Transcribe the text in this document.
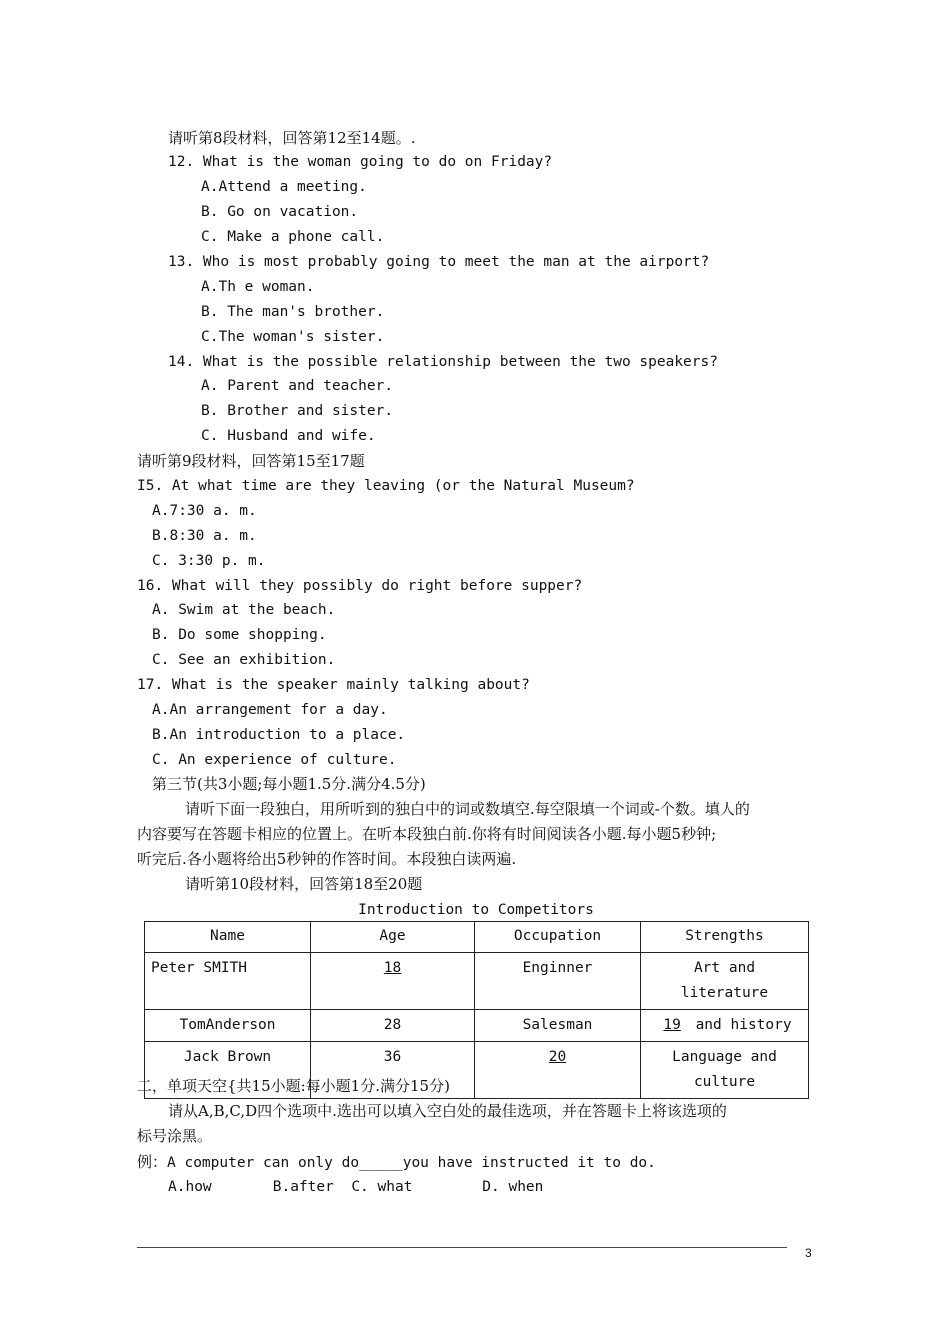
请听第8段材料，回答第12至14题。.
12. What is the woman going to do on Friday?
A.Attend a meeting.
B. Go on vacation.
C. Make a phone call.
13. Who is most probably going to meet the man at the airport?
A.Th e woman.
B. The man's brother.
C.The woman's sister.
14. What is the possible relationship between the two speakers?
A. Parent and teacher.
B. Brother and sister.
C. Husband and wife.
请听第9段材料，回答第15至17题
I5. At what time are they leaving (or the Natural Museum?
A.7:30 a. m.
B.8:30 a. m.
C. 3:30 p. m.
16. What will they possibly do right before supper?
A. Swim at the beach.
B. Do some shopping.
C. See an exhibition.
17. What is the speaker mainly talking about?
A.An arrangement for a day.
B.An introduction to a place.
C. An experience of culture.
第三节(共3小题;每小题1.5分.满分4.5分)
请听下面一段独白，用所听到的独白中的词或数填空.每空限填一个词或-个数。填人的
内容要写在答题卡相应的位置上。在听本段独白前.你将有时间阅读各小题.每小题5秒钟;
听完后.各小题将给出5秒钟的作答时间。本段独白读两遍.
请听第10段材料，回答第18至20题
Introduction to Competitors
Name	Age	Occupation	Strengths
Peter SMITH	18	Enginner	Art and
literature

TomAnderson	28	Salesman	19 and history
Jack Brown	36	20	Language and
culture
二，单项天空{共15小题:每小题1分.满分15分)
请从A,B,C,D四个选项中.选出可以填入空白处的最佳选项，并在答题卡上将该选项的
标号涂黑。
例：A computer can only do_____you have instructed it to do.
A.how       B.after  C. what        D. when
3
